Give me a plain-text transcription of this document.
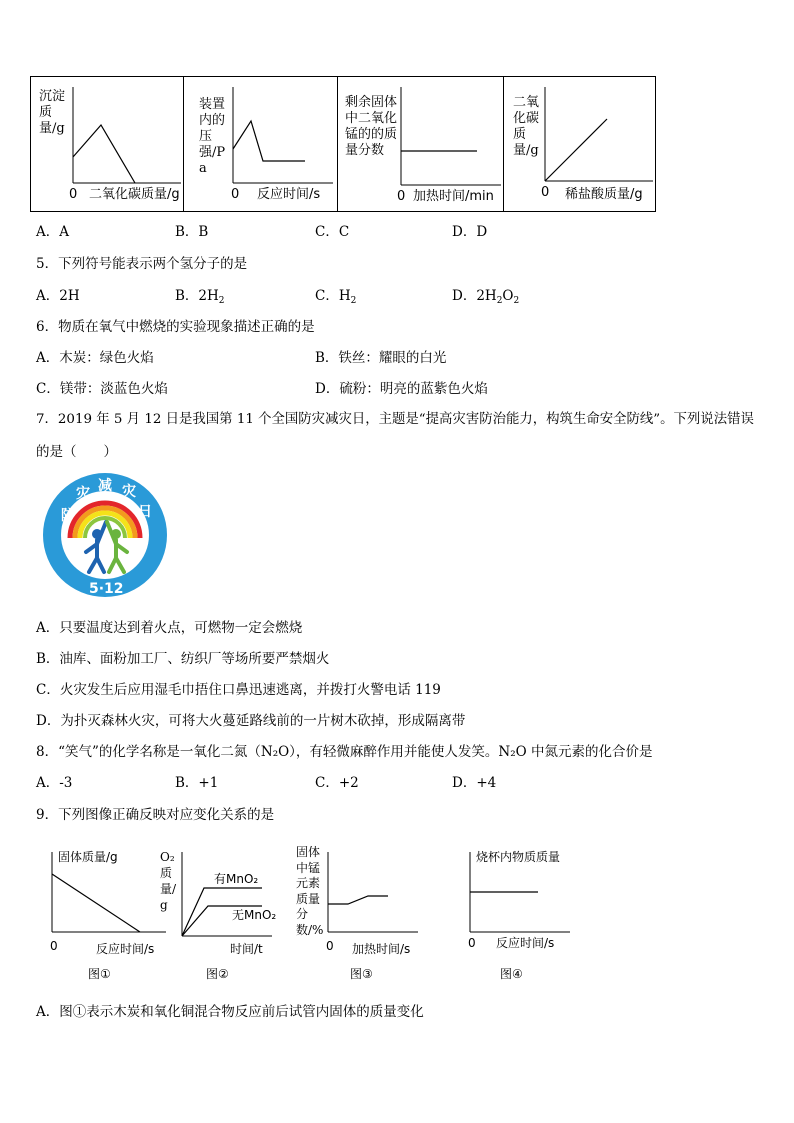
沉淀质量/g
0 二氧化碳质量/g
装置内的压强/Pa
0 反应时间/s
剩余固体中二氧化锰的的质量分数
0 加热时间/min
二氧化碳质量/g
0 稀盐酸质量/g
A．A	B．B	C．C	D．D
5．下列符号能表示两个氢分子的是
A．2H	B．$2H_2$	C．$H_2$	D．$2H_2O_2$
6．物质在氧气中燃烧的实验现象描述正确的是
A．木炭：绿色火焰	B．铁丝：耀眼的白光
C．镁带：淡蓝色火焰	D．硫粉：明亮的蓝紫色火焰
7．2019 年 5 月 12 日是我国第 11 个全国防灾减灾日，主题是“提高灾害防治能力，构筑生命安全防线”。下列说法错误
的是（　　）
防
灾 减 灾
日
5·12
A．只要温度达到着火点，可燃物一定会燃烧
B．油库、面粉加工厂、纺织厂等场所要严禁烟火
C．火灾发生后应用湿毛巾捂住口鼻迅速逃离，并拨打火警电话 119
D．为扑灭森林火灾，可将大火蔓延路线前的一片树木砍掉，形成隔离带
8．“笑气”的化学名称是一氧化二氮（N₂O），有轻微麻醉作用并能使人发笑。N₂O 中氮元素的化合价是
A．-3	B．+1	C．+2	D．+4
9．下列图像正确反映对应变化关系的是
固体质量/g
0	反应时间/s
图①
O₂质量/g
有MnO₂
无MnO₂
时间/t
图②
固体中锰元素质量分数/%
0 加热时间/s
图③
烧杯内物质质量
0 反应时间/s
图④
A．图①表示木炭和氧化铜混合物反应前后试管内固体的质量变化
